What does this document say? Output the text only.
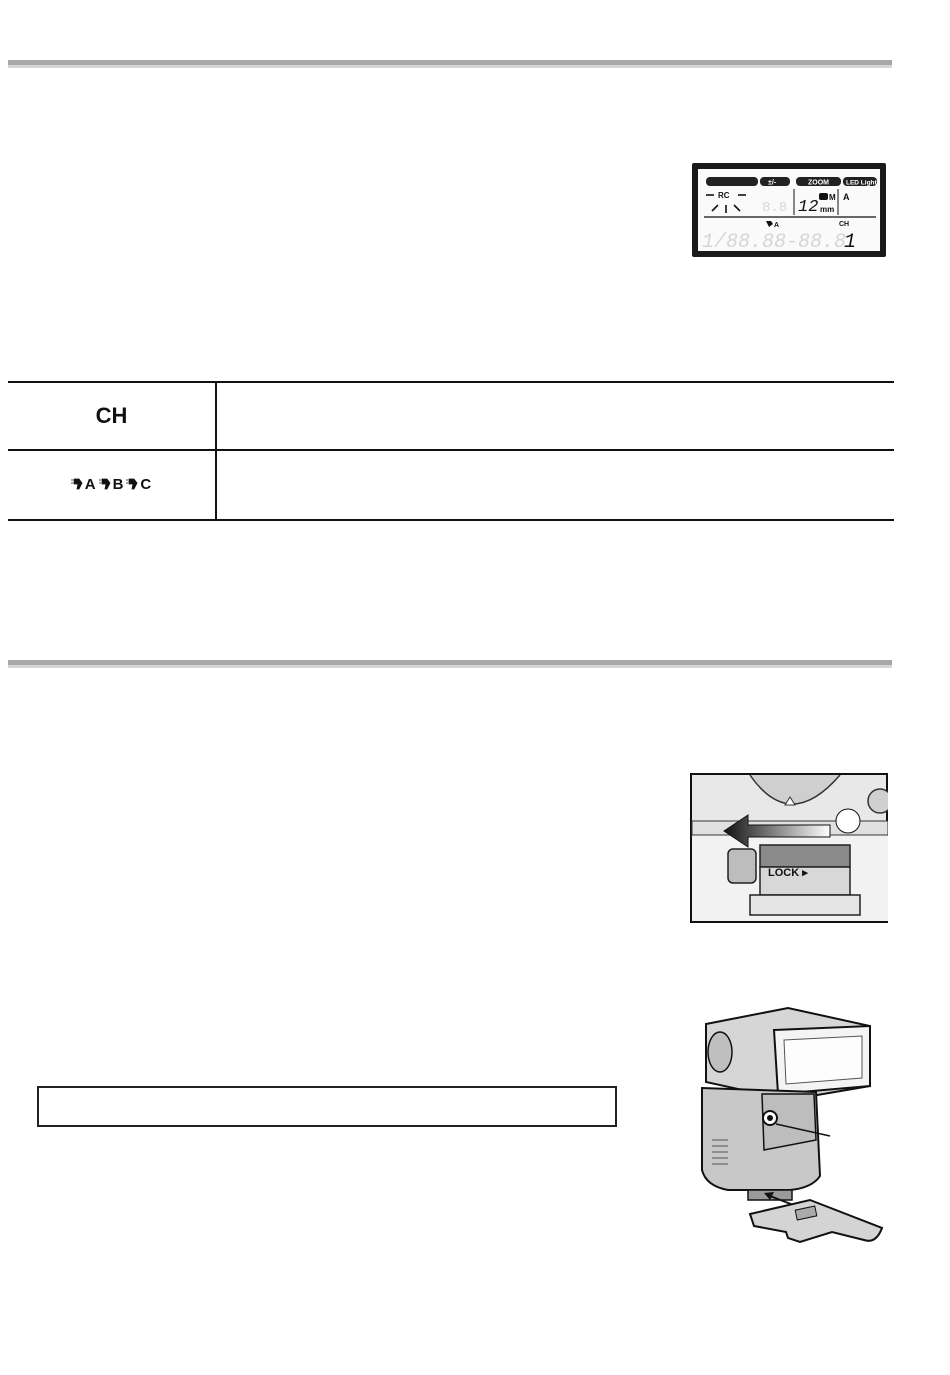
ZOOM	LED Light
±/-
RC
8.8 12
M
mm
A
A	CH
1/88.88-88.8
1
CH
A B C
LOCK ▸
